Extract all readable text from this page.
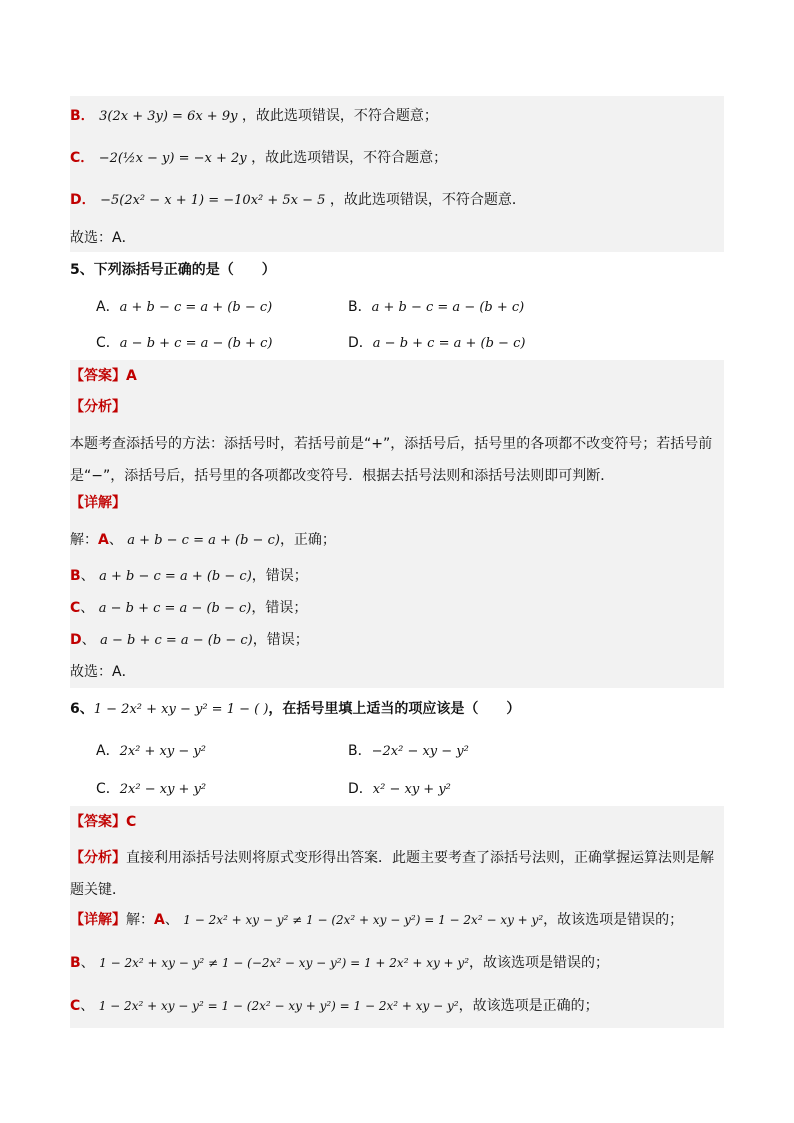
B． 3(2x + 3y) = 6x + 9y ，故此选项错误，不符合题意；
C． −2(½x − y) = −x + 2y ，故此选项错误，不符合题意；
D． −5(2x² − x + 1) = −10x² + 5x − 5 ，故此选项错误，不符合题意．
故选：A．
5、下列添括号正确的是（　　）
A．a + b − c = a + (b − c)	B．a + b − c = a − (b + c)
C．a − b + c = a − (b + c)	D．a − b + c = a + (b − c)
【答案】A
【分析】
本题考查添括号的方法：添括号时，若括号前是“+”，添括号后，括号里的各项都不改变符号；若括号前是“−”，添括号后，括号里的各项都改变符号．根据去括号法则和添括号法则即可判断．
【详解】
解：A、 a + b − c = a + (b − c)，正确；
B、 a + b − c = a + (b − c)，错误；
C、 a − b + c = a − (b − c)，错误；
D、 a − b + c = a − (b − c)，错误；
故选：A．
6、1 − 2x² + xy − y² = 1 − ( )，在括号里填上适当的项应该是（　　）
A．2x² + xy − y²	B．−2x² − xy − y²
C．2x² − xy + y²	D．x² − xy + y²
【答案】C
【分析】直接利用添括号法则将原式变形得出答案．此题主要考查了添括号法则，正确掌握运算法则是解题关键．
【详解】解：A、 1 − 2x² + xy − y² ≠ 1 − (2x² + xy − y²) = 1 − 2x² − xy + y²，故该选项是错误的；
B、 1 − 2x² + xy − y² ≠ 1 − (−2x² − xy − y²) = 1 + 2x² + xy + y²，故该选项是错误的；
C、 1 − 2x² + xy − y² = 1 − (2x² − xy + y²) = 1 − 2x² + xy − y²，故该选项是正确的；
